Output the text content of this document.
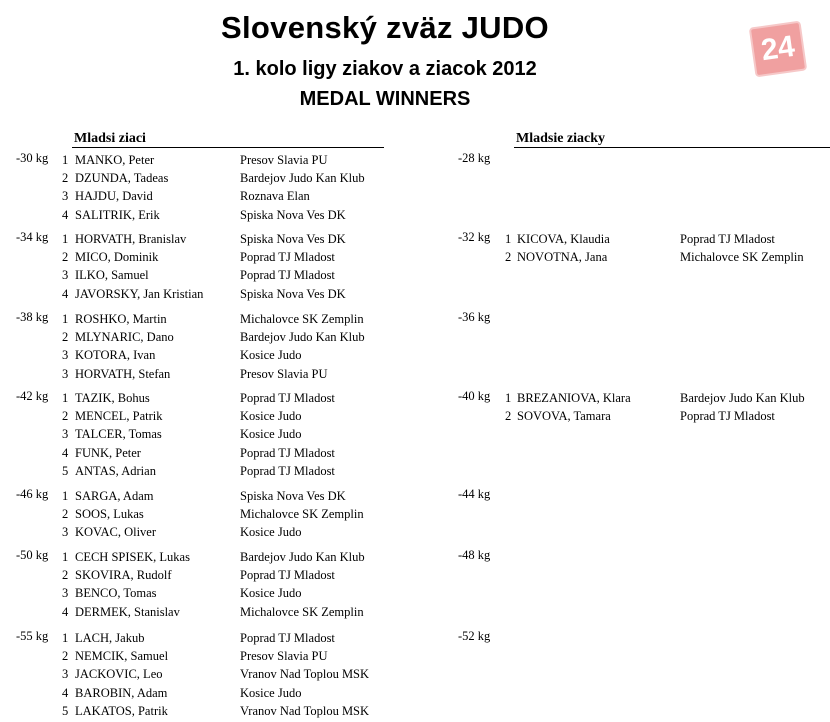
Slovenský zväz JUDO
1. kolo ligy ziakov a ziacok 2012
MEDAL WINNERS
24
Mladsi ziaci	Mladsie ziacky
-30 kg 1 MANKO, Peter	Presov Slavia PU
2 DZUNDA, Tadeas	Bardejov Judo Kan Klub
3 HAJDU, David	Roznava Elan
4 SALITRIK, Erik	Spiska Nova Ves DK
-34 kg 1 HORVATH, Branislav	Spiska Nova Ves DK
2 MICO, Dominik	Poprad TJ Mladost
3 ILKO, Samuel	Poprad TJ Mladost
4 JAVORSKY, Jan Kristian	Spiska Nova Ves DK
-38 kg 1 ROSHKO, Martin	Michalovce SK Zemplin
2 MLYNARIC, Dano	Bardejov Judo Kan Klub
3 KOTORA, Ivan	Kosice Judo
3 HORVATH, Stefan	Presov Slavia PU
-42 kg 1 TAZIK, Bohus	Poprad TJ Mladost
2 MENCEL, Patrik	Kosice Judo
3 TALCER, Tomas	Kosice Judo
4 FUNK, Peter	Poprad TJ Mladost
5 ANTAS, Adrian	Poprad TJ Mladost
-46 kg 1 SARGA, Adam	Spiska Nova Ves DK
2 SOOS, Lukas	Michalovce SK Zemplin
3 KOVAC, Oliver	Kosice Judo
-50 kg 1 CECH SPISEK, Lukas	Bardejov Judo Kan Klub
2 SKOVIRA, Rudolf	Poprad TJ Mladost
3 BENCO, Tomas	Kosice Judo
4 DERMEK, Stanislav	Michalovce SK Zemplin
-55 kg 1 LACH, Jakub	Poprad TJ Mladost
2 NEMCIK, Samuel	Presov Slavia PU
3 JACKOVIC, Leo	Vranov Nad Toplou MSK
4 BAROBIN, Adam	Kosice Judo
5 LAKATOS, Patrik	Vranov Nad Toplou MSK
-28 kg
-32 kg 1 KICOVA, Klaudia	Poprad TJ Mladost
2 NOVOTNA, Jana	Michalovce SK Zemplin
-36 kg
-40 kg 1 BREZANIOVA, Klara	Bardejov Judo Kan Klub
2 SOVOVA, Tamara	Poprad TJ Mladost
-44 kg
-48 kg
-52 kg
